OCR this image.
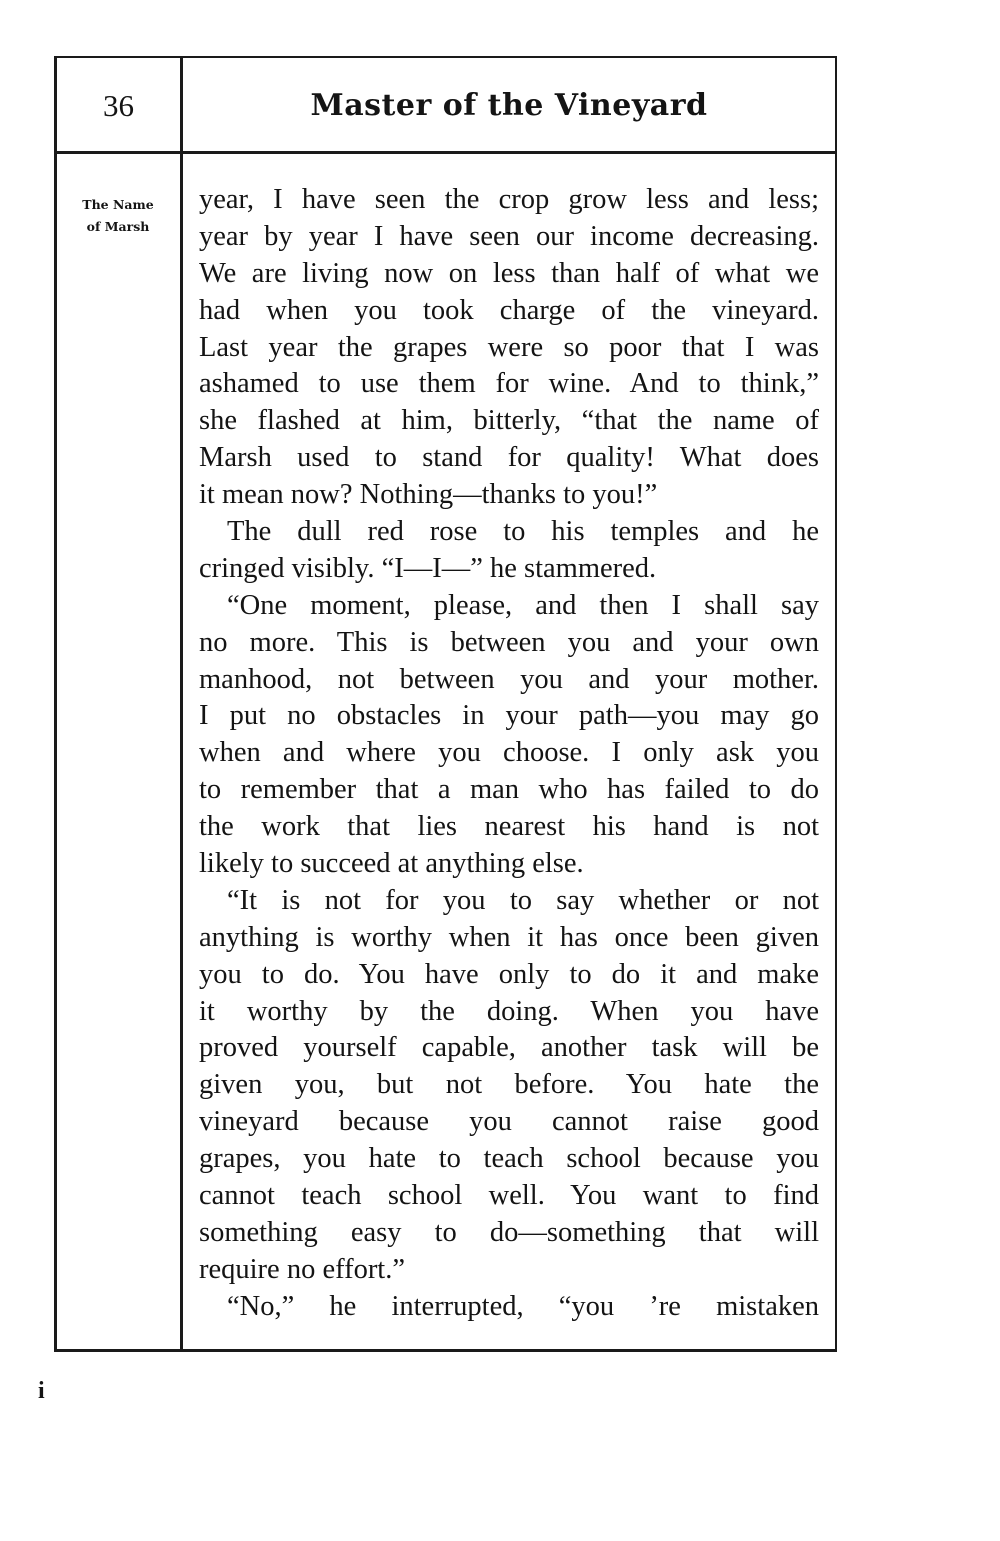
36	Master of the Vineyard
The Name
of Marsh
year, I have seen the crop grow less and less;
year by year I have seen our income decreasing.
We are living now on less than half of what we
had when you took charge of the vineyard.
Last year the grapes were so poor that I was
ashamed to use them for wine. And to think,”
she flashed at him, bitterly, “that the name of
Marsh used to stand for quality! What does
it mean now? Nothing—thanks to you!”
The dull red rose to his temples and he
cringed visibly. “I—I—” he stammered.
“One moment, please, and then I shall say
no more. This is between you and your own
manhood, not between you and your mother.
I put no obstacles in your path—you may go
when and where you choose. I only ask you
to remember that a man who has failed to do
the work that lies nearest his hand is not
likely to succeed at anything else.
“It is not for you to say whether or not
anything is worthy when it has once been given
you to do. You have only to do it and make
it worthy by the doing. When you have
proved yourself capable, another task will be
given you, but not before. You hate the
vineyard because you cannot raise good
grapes, you hate to teach school because you
cannot teach school well. You want to find
something easy to do—something that will
require no effort.”
“No,” he interrupted, “you ’re mistaken
i
